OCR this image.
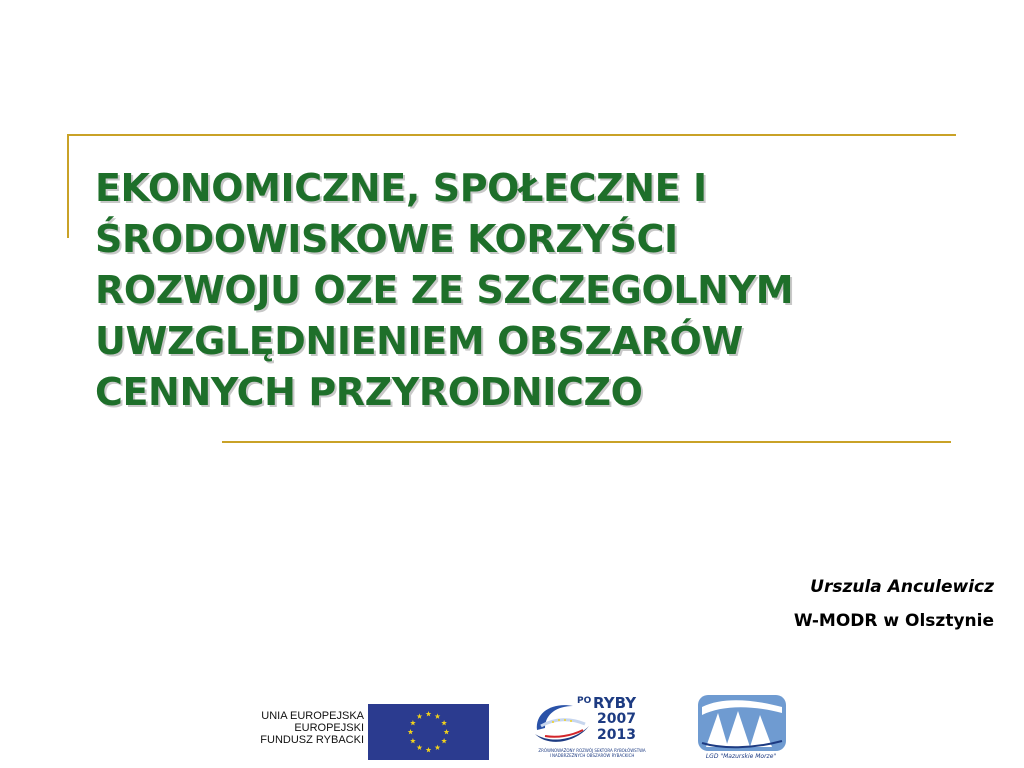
EKONOMICZNE, SPOŁECZNE I
ŚRODOWISKOWE KORZYŚCI
ROZWOJU OZE ZE SZCZEGOLNYM
UWZGLĘDNIENIEM OBSZARÓW
CENNYCH PRZYRODNICZO
Urszula Anculewicz
W-MODR w Olsztynie
UNIA EUROPEJSKA
EUROPEJSKI
FUNDUSZ RYBACKI
PO RYBY
2007
2013
ZRÓWNOWAŻONY ROZWÓJ SEKTORA RYBOŁÓWSTWA
I NADBRZEŻNYCH OBSZARÓW RYBACKICH	LGD "Mazurskie Morze"
